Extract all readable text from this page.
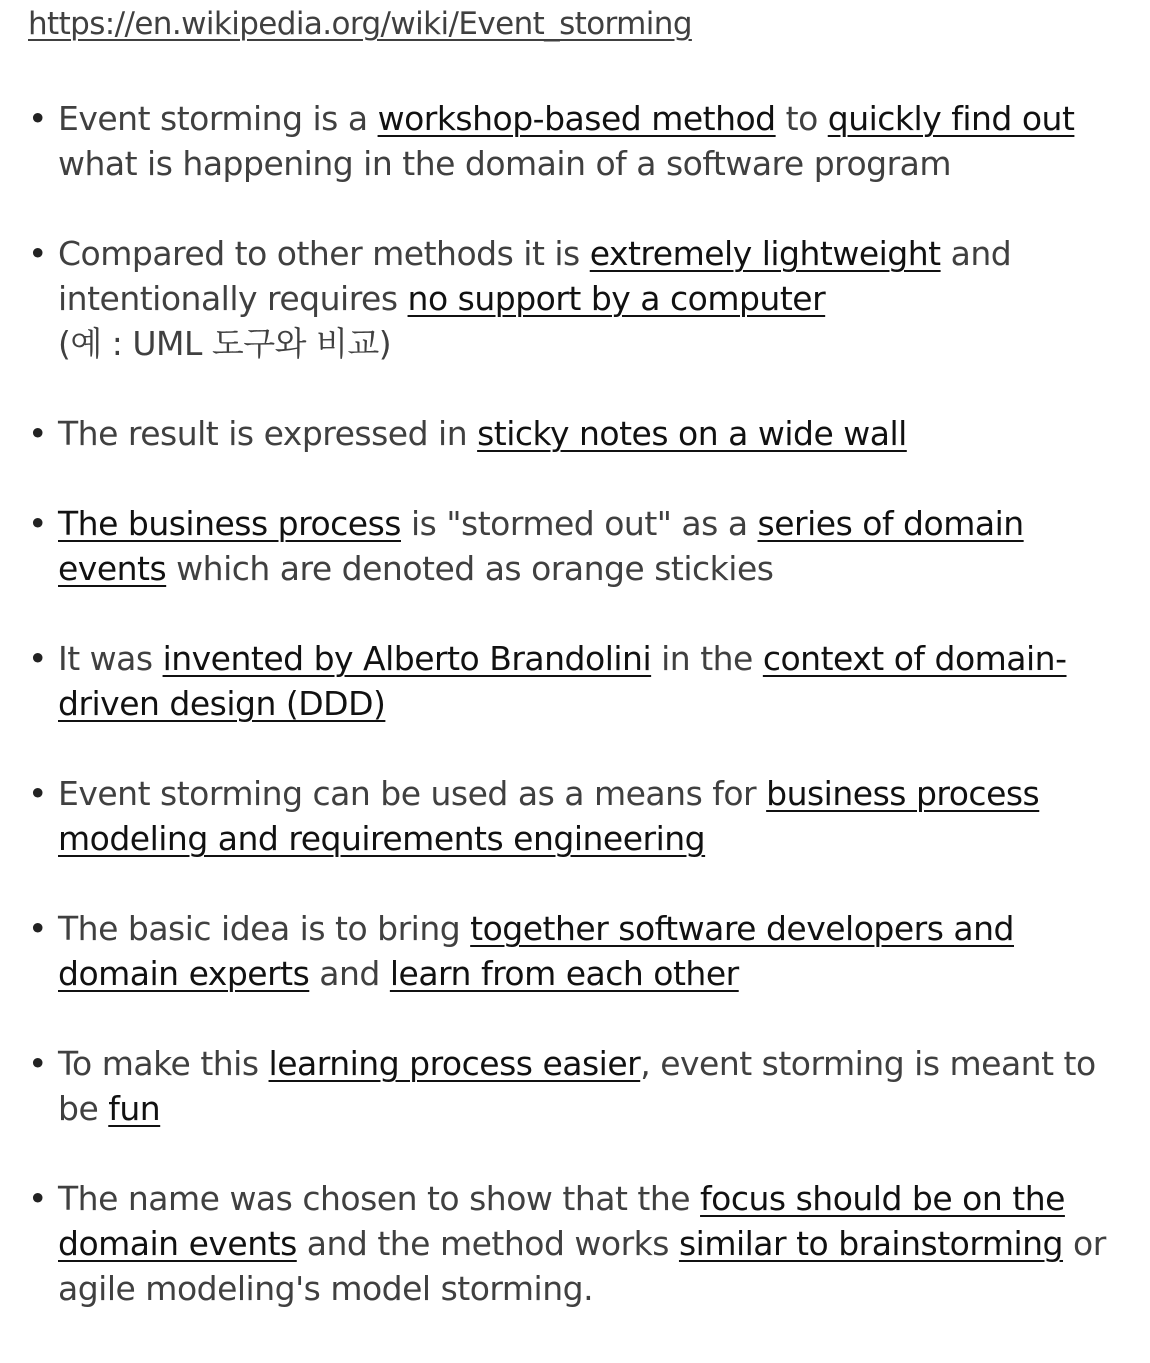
https://en.wikipedia.org/wiki/Event_storming
• Event storming is a workshop-based method to quickly find out what is happening in the domain of a software program
• Compared to other methods it is extremely lightweight and intentionally requires no support by a computer
(예 : UML 도구와 비교)
• The result is expressed in sticky notes on a wide wall
• The business process is "stormed out" as a series of domain events which are denoted as orange stickies
• It was invented by Alberto Brandolini in the context of domain-driven design (DDD)
• Event storming can be used as a means for business process modeling and requirements engineering
• The basic idea is to bring together software developers and domain experts and learn from each other
• To make this learning process easier, event storming is meant to be fun
• The name was chosen to show that the focus should be on the domain events and the method works similar to brainstorming or agile modeling's model storming.
